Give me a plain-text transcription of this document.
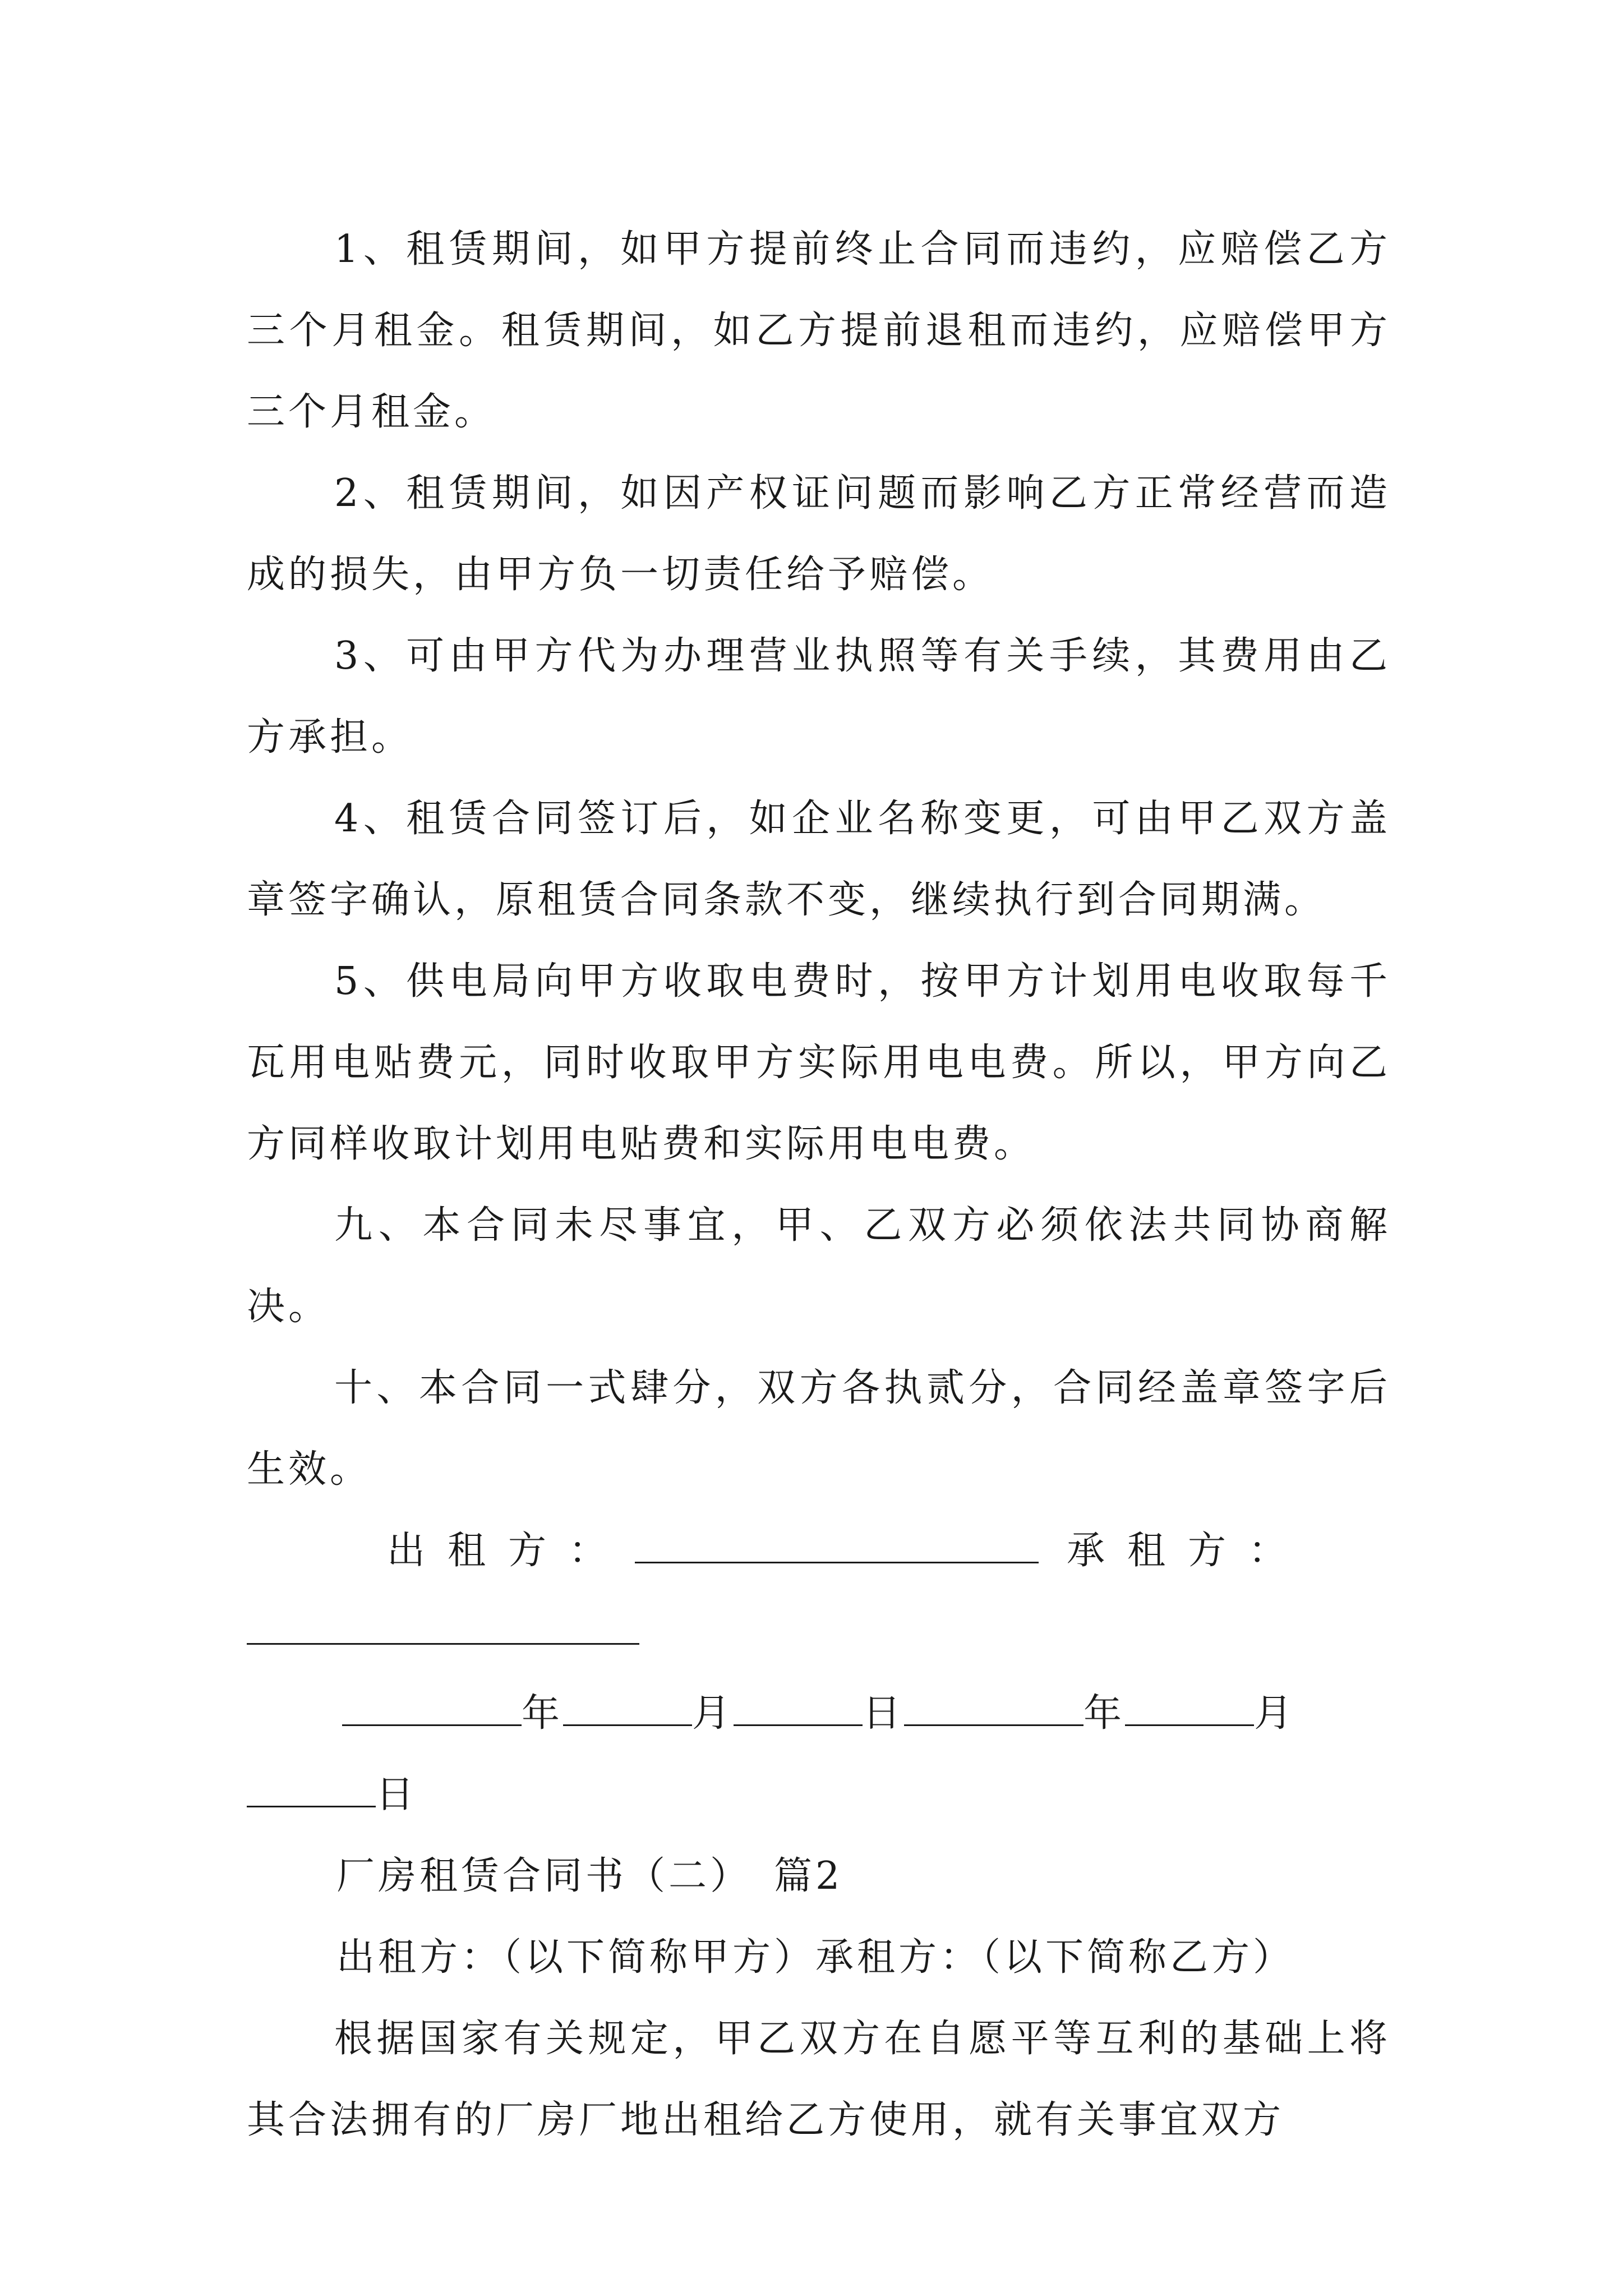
1、租赁期间，如甲方提前终止合同而违约，应赔偿乙方三个月租金。租赁期间，如乙方提前退租而违约，应赔偿甲方三个月租金。

2、租赁期间，如因产权证问题而影响乙方正常经营而造成的损失，由甲方负一切责任给予赔偿。

3、可由甲方代为办理营业执照等有关手续，其费用由乙方承担。

4、租赁合同签订后，如企业名称变更，可由甲乙双方盖章签字确认，原租赁合同条款不变，继续执行到合同期满。

5、供电局向甲方收取电费时，按甲方计划用电收取每千瓦用电贴费元，同时收取甲方实际用电电费。所以，甲方向乙方同样收取计划用电贴费和实际用电电费。

九、本合同未尽事宜，甲、乙双方必须依法共同协商解决。

十、本合同一式肆分，双方各执贰分，合同经盖章签字后生效。

出租方：	承租方：

年	月	日	年	月

日

厂房租赁合同书（二） 篇2

出租方：（以下简称甲方）承租方：（以下简称乙方）

根据国家有关规定，甲乙双方在自愿平等互利的基础上将其合法拥有的厂房厂地出租给乙方使用，就有关事宜双方
